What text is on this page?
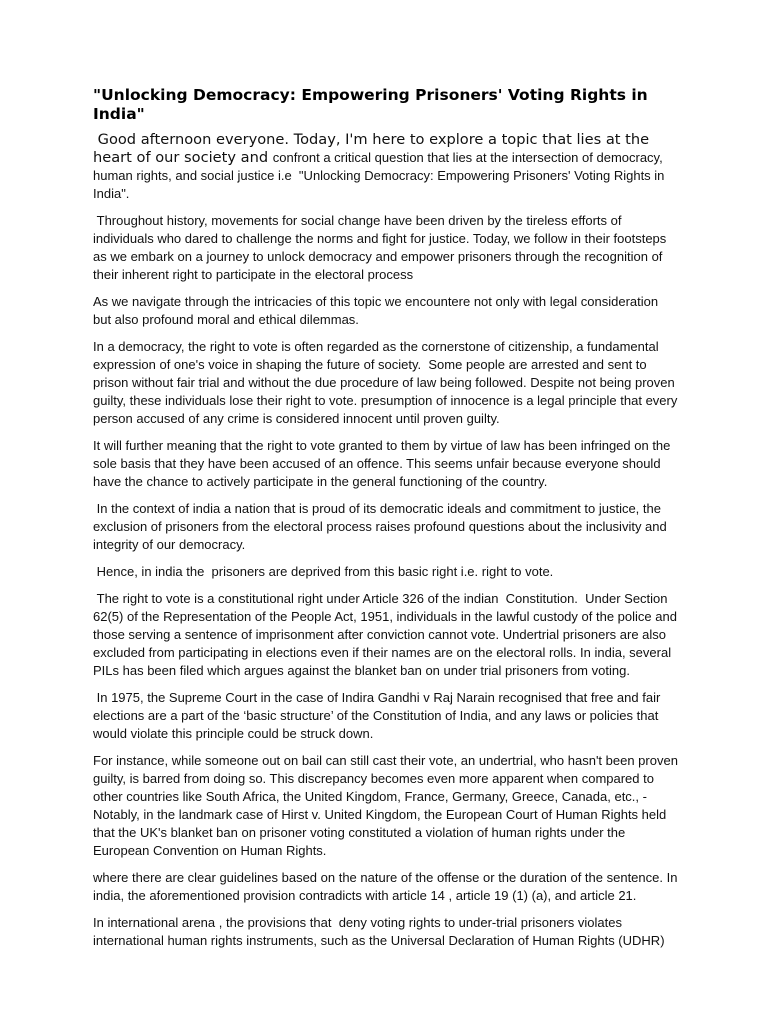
"Unlocking Democracy: Empowering Prisoners' Voting Rights in India"

Good afternoon everyone. Today, I'm here to explore a topic that lies at the heart of our society and confront a critical question that lies at the intersection of democracy, human rights, and social justice i.e  "Unlocking Democracy: Empowering Prisoners' Voting Rights in India".

Throughout history, movements for social change have been driven by the tireless efforts of individuals who dared to challenge the norms and fight for justice. Today, we follow in their footsteps as we embark on a journey to unlock democracy and empower prisoners through the recognition of their inherent right to participate in the electoral process

As we navigate through the intricacies of this topic we encountere not only with legal consideration but also profound moral and ethical dilemmas.

In a democracy, the right to vote is often regarded as the cornerstone of citizenship, a fundamental expression of one's voice in shaping the future of society.  Some people are arrested and sent to prison without fair trial and without the due procedure of law being followed. Despite not being proven guilty, these individuals lose their right to vote. presumption of innocence is a legal principle that every person accused of any crime is considered innocent until proven guilty.

It will further meaning that the right to vote granted to them by virtue of law has been infringed on the sole basis that they have been accused of an offence. This seems unfair because everyone should have the chance to actively participate in the general functioning of the country.

In the context of india a nation that is proud of its democratic ideals and commitment to justice, the exclusion of prisoners from the electoral process raises profound questions about the inclusivity and integrity of our democracy.

Hence, in india the  prisoners are deprived from this basic right i.e. right to vote.

The right to vote is a constitutional right under Article 326 of the indian  Constitution.  Under Section 62(5) of the Representation of the People Act, 1951, individuals in the lawful custody of the police and those serving a sentence of imprisonment after conviction cannot vote. Undertrial prisoners are also excluded from participating in elections even if their names are on the electoral rolls. In india, several PILs has been filed which argues against the blanket ban on under trial prisoners from voting.

In 1975, the Supreme Court in the case of Indira Gandhi v Raj Narain recognised that free and fair elections are a part of the ‘basic structure’ of the Constitution of India, and any laws or policies that would violate this principle could be struck down.

For instance, while someone out on bail can still cast their vote, an undertrial, who hasn't been proven guilty, is barred from doing so. This discrepancy becomes even more apparent when compared to other countries like South Africa, the United Kingdom, France, Germany, Greece, Canada, etc., - Notably, in the landmark case of Hirst v. United Kingdom, the European Court of Human Rights held that the UK's blanket ban on prisoner voting constituted a violation of human rights under the European Convention on Human Rights.

where there are clear guidelines based on the nature of the offense or the duration of the sentence. In india, the aforementioned provision contradicts with article 14 , article 19 (1) (a), and article 21.

In international arena , the provisions that  deny voting rights to under-trial prisoners violates international human rights instruments, such as the Universal Declaration of Human Rights (UDHR)
